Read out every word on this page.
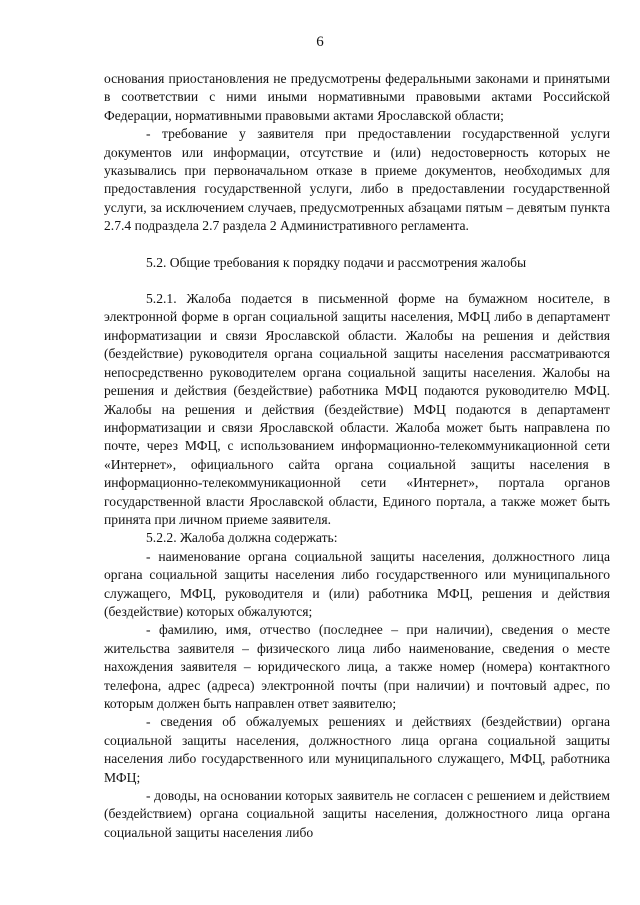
6

основания приостановления не предусмотрены федеральными законами и принятыми в соответствии с ними иными нормативными правовыми актами Российской Федерации, нормативными правовыми актами Ярославской области;

- требование у заявителя при предоставлении государственной услуги документов или информации, отсутствие и (или) недостоверность которых не указывались при первоначальном отказе в приеме документов, необходимых для предоставления государственной услуги, либо в предоставлении государственной услуги, за исключением случаев, предусмотренных абзацами пятым – девятым пункта 2.7.4 подраздела 2.7 раздела 2 Административного регламента.

5.2. Общие требования к порядку подачи и рассмотрения жалобы

5.2.1. Жалоба подается в письменной форме на бумажном носителе, в электронной форме в орган социальной защиты населения, МФЦ либо в департамент информатизации и связи Ярославской области. Жалобы на решения и действия (бездействие) руководителя органа социальной защиты населения рассматриваются непосредственно руководителем органа социальной защиты населения. Жалобы на решения и действия (бездействие) работника МФЦ подаются руководителю МФЦ. Жалобы на решения и действия (бездействие) МФЦ подаются в департамент информатизации и связи Ярославской области. Жалоба может быть направлена по почте, через МФЦ, с использованием информационно-телекоммуникационной сети «Интернет», официального сайта органа социальной защиты населения в информационно-телекоммуникационной сети «Интернет», портала органов государственной власти Ярославской области, Единого портала, а также может быть принята при личном приеме заявителя.

5.2.2. Жалоба должна содержать:

- наименование органа социальной защиты населения, должностного лица органа социальной защиты населения либо государственного или муниципального служащего, МФЦ, руководителя и (или) работника МФЦ, решения и действия (бездействие) которых обжалуются;

- фамилию, имя, отчество (последнее – при наличии), сведения о месте жительства заявителя – физического лица либо наименование, сведения о месте нахождения заявителя – юридического лица, а также номер (номера) контактного телефона, адрес (адреса) электронной почты (при наличии) и почтовый адрес, по которым должен быть направлен ответ заявителю;

- сведения об обжалуемых решениях и действиях (бездействии) органа социальной защиты населения, должностного лица органа социальной защиты населения либо государственного или муниципального служащего, МФЦ, работника МФЦ;

- доводы, на основании которых заявитель не согласен с решением и действием (бездействием) органа социальной защиты населения, должностного лица органа социальной защиты населения либо
